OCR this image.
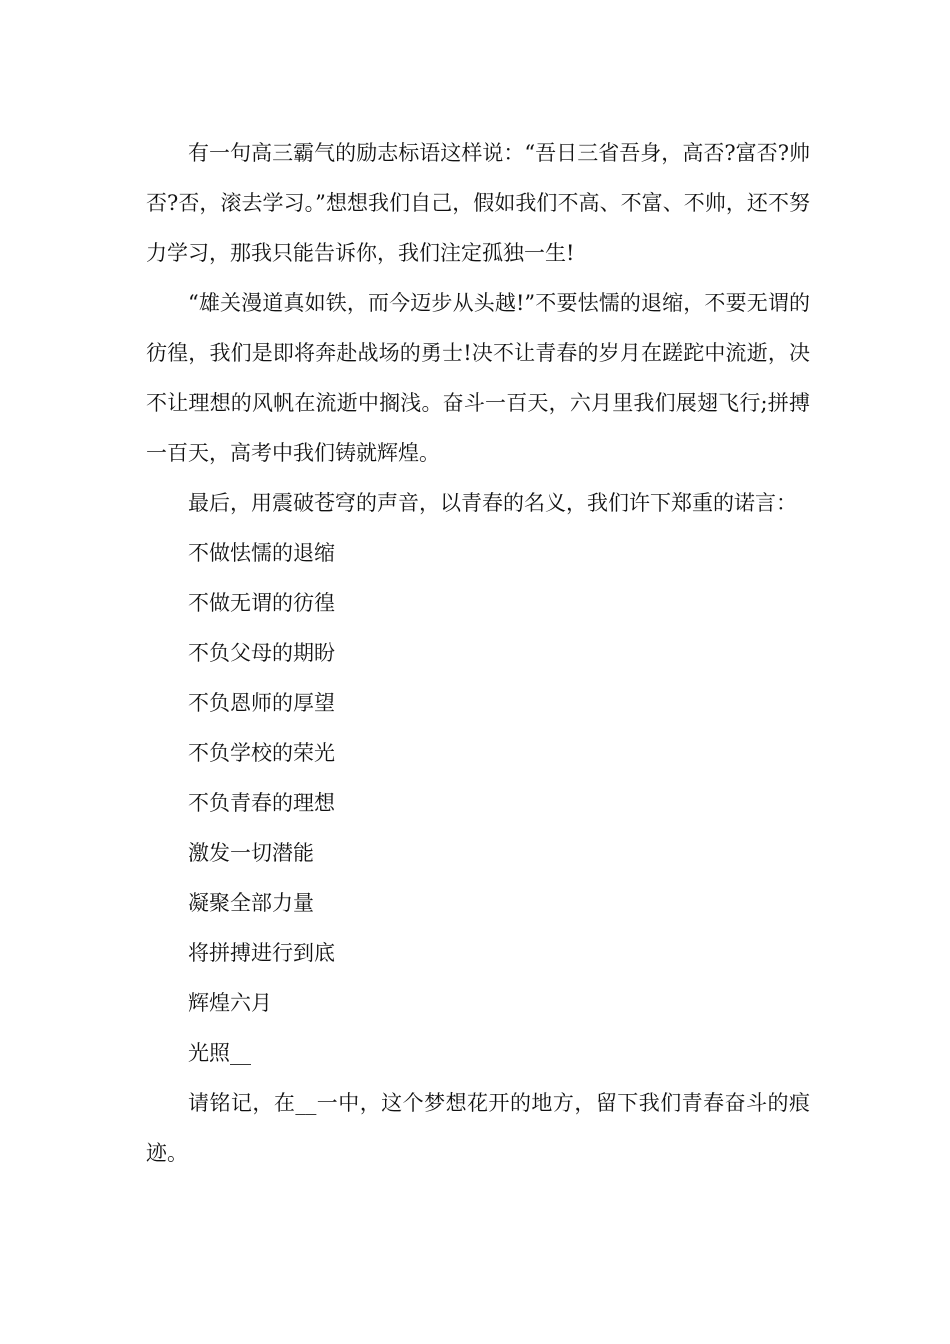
有一句高三霸气的励志标语这样说：“吾日三省吾身，高否?富否?帅否?否，滚去学习。”想想我们自己，假如我们不高、不富、不帅，还不努力学习，那我只能告诉你，我们注定孤独一生!

“雄关漫道真如铁，而今迈步从头越!”不要怯懦的退缩，不要无谓的彷徨，我们是即将奔赴战场的勇士!决不让青春的岁月在蹉跎中流逝，决不让理想的风帆在流逝中搁浅。奋斗一百天，六月里我们展翅飞行;拼搏一百天，高考中我们铸就辉煌。

最后，用震破苍穹的声音，以青春的名义，我们许下郑重的诺言：

不做怯懦的退缩

不做无谓的彷徨

不负父母的期盼

不负恩师的厚望

不负学校的荣光

不负青春的理想

激发一切潜能

凝聚全部力量

将拼搏进行到底

辉煌六月

光照__

请铭记，在__一中，这个梦想花开的地方，留下我们青春奋斗的痕迹。
